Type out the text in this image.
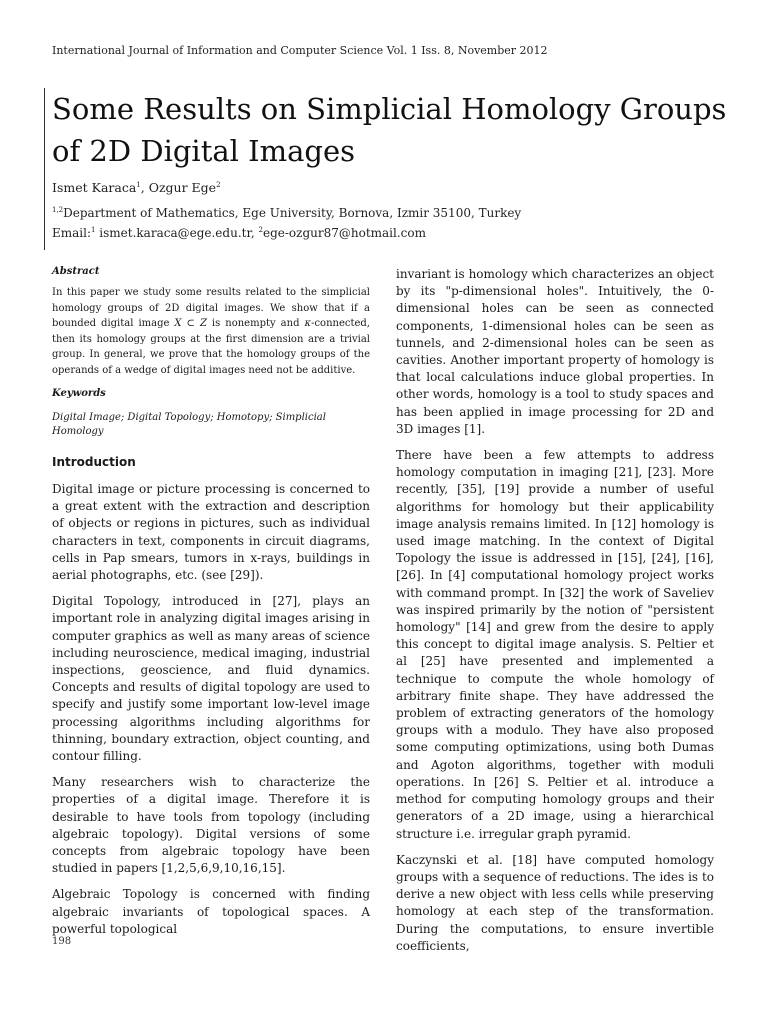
International Journal of Information and Computer Science Vol. 1 Iss. 8, November 2012
Some Results on Simplicial Homology Groups of 2D Digital Images
Ismet Karaca$^1$, Ozgur Ege$^2$
$^{1,2}$Department of Mathematics, Ege University, Bornova, Izmir 35100, Turkey
Email:$^1$ ismet.karaca@ege.edu.tr, $^2$ege-ozgur87@hotmail.com

Abstract

In this paper we study some results related to the simplicial homology groups of 2D digital images. We show that if a bounded digital image X ⊂ Z is nonempty and κ-connected, then its homology groups at the first dimension are a trivial group. In general, we prove that the homology groups of the operands of a wedge of digital images need not be additive.

Keywords

Digital Image; Digital Topology; Homotopy; Simplicial Homology

Introduction

Digital image or picture processing is concerned to a great extent with the extraction and description of objects or regions in pictures, such as individual characters in text, components in circuit diagrams, cells in Pap smears, tumors in x-rays, buildings in aerial photographs, etc. (see [29]).

Digital Topology, introduced in [27], plays an important role in analyzing digital images arising in computer graphics as well as many areas of science including neuroscience, medical imaging, industrial inspections, geoscience, and fluid dynamics. Concepts and results of digital topology are used to specify and justify some important low-level image processing algorithms including algorithms for thinning, boundary extraction, object counting, and contour filling.

Many researchers wish to characterize the properties of a digital image. Therefore it is desirable to have tools from topology (including algebraic topology). Digital versions of some concepts from algebraic topology have been studied in papers [1,2,5,6,9,10,16,15].

Algebraic Topology is concerned with finding algebraic invariants of topological spaces. A powerful topological

invariant is homology which characterizes an object by its "p-dimensional holes". Intuitively, the 0-dimensional holes can be seen as connected components, 1-dimensional holes can be seen as tunnels, and 2-dimensional holes can be seen as cavities. Another important property of homology is that local calculations induce global properties. In other words, homology is a tool to study spaces and has been applied in image processing for 2D and 3D images [1].

There have been a few attempts to address homology computation in imaging [21], [23]. More recently, [35], [19] provide a number of useful algorithms for homology but their applicability image analysis remains limited. In [12] homology is used image matching. In the context of Digital Topology the issue is addressed in [15], [24], [16], [26]. In [4] computational homology project works with command prompt. In [32] the work of Saveliev was inspired primarily by the notion of "persistent homology" [14] and grew from the desire to apply this concept to digital image analysis. S. Peltier et al [25] have presented and implemented a technique to compute the whole homology of arbitrary finite shape. They have addressed the problem of extracting generators of the homology groups with a modulo. They have also proposed some computing optimizations, using both Dumas and Agoton algorithms, together with moduli operations. In [26] S. Peltier et al. introduce a method for computing homology groups and their generators of a 2D image, using a hierarchical structure i.e. irregular graph pyramid.

Kaczynski et al. [18] have computed homology groups with a sequence of reductions. The ides is to derive a new object with less cells while preserving homology at each step of the transformation. During the computations, to ensure invertible coefficients,

198
